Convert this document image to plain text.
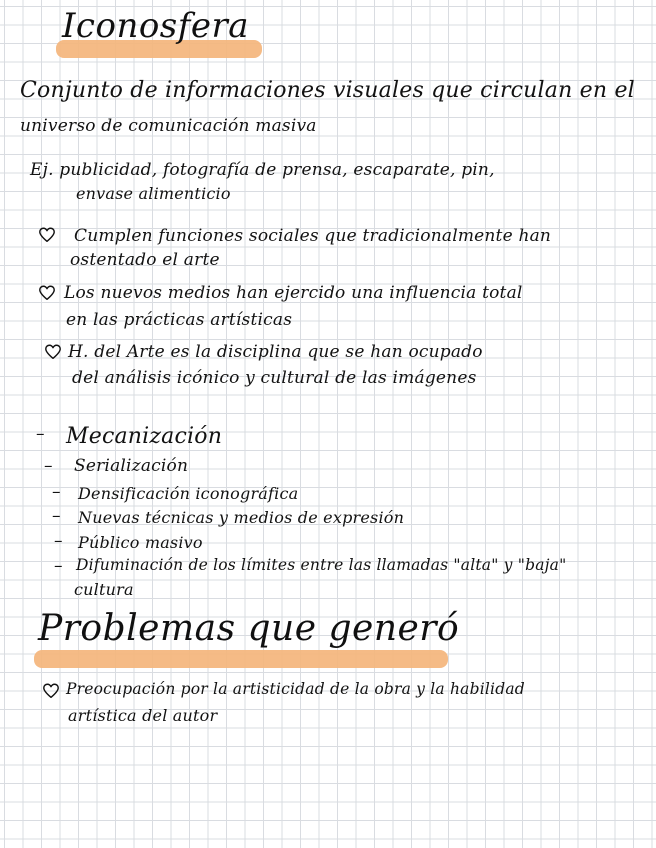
Iconosfera
Conjunto de informaciones visuales que circulan en el
universo de comunicación masiva
Ej. publicidad, fotografía de prensa, escaparate, pin,
envase alimenticio
Cumplen funciones sociales que tradicionalmente han
ostentado el arte
Los nuevos medios han ejercido una influencia total
en las prácticas artísticas
H. del Arte es la disciplina que se han ocupado
del análisis icónico y cultural de las imágenes
– Mecanización
– Serialización
– Densificación iconográfica
– Nuevas técnicas y medios de expresión
– Público masivo
– Difuminación de los límites entre las llamadas "alta" y "baja"
cultura
Problemas que generó
Preocupación por la artisticidad de la obra y la habilidad
artística del autor
